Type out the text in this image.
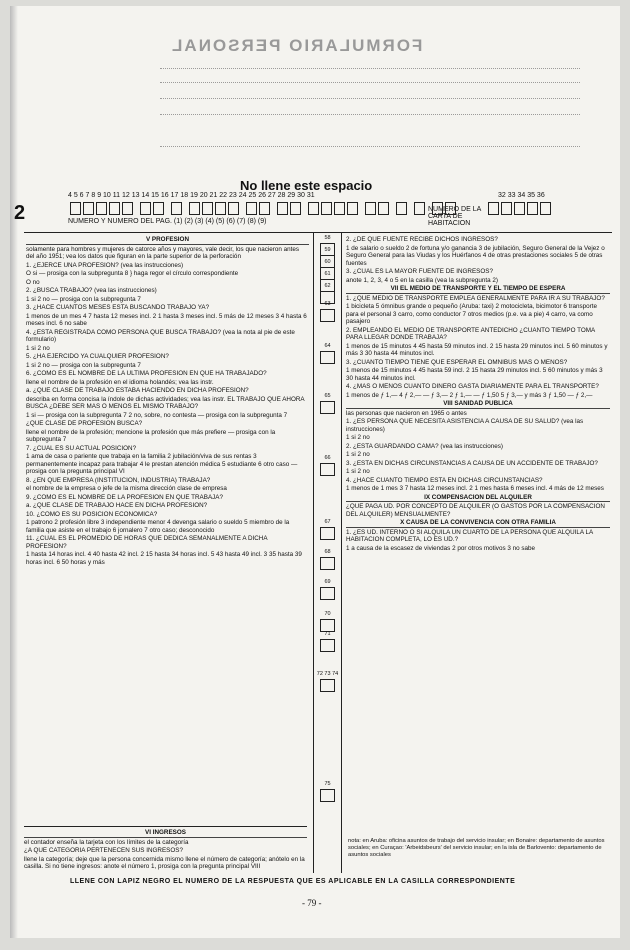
FORMULARIO PERSONAL
2
No llene este espacio
4 5 6 7 8 9 10 11 12 13 14 15 16 17 18 19 20 21 22 23 24 25 26 27 28 29 30 31	32 33 34 35 36
NUMERO Y NUMERO DEL PAG. (1) (2) (3) (4) (5) (6) (7) (8) (9)
NUMERO DE LA CARTA DE HABITACION
V PROFESION
solamente para hombres y mujeres de catorce años y mayores, vale decir, los que nacieron antes del año 1951; vea los datos que figuran en la parte superior de la perforación
1. ¿EJERCE UNA PROFESION? (vea las instrucciones)
O si — prosiga con la subpregunta 8 } haga regor el círculo correspondiente
O no
2. ¿BUSCA TRABAJO? (vea las instrucciones)
1 si 2 no — prosiga con la subpregunta 7
3. ¿HACE CUANTOS MESES ESTA BUSCANDO TRABAJO YA?
1 menos de un mes 4 7 hasta 12 meses incl. 2 1 hasta 3 meses incl. 5 más de 12 meses 3 4 hasta 6 meses incl. 6 no sabe
4. ¿ESTA REGISTRADA COMO PERSONA QUE BUSCA TRABAJO? (vea la nota al pie de este formulario)
1 si 2 no
5. ¿HA EJERCIDO YA CUALQUIER PROFESION?
1 si 2 no — prosiga con la subpregunta 7
6. ¿COMO ES EL NOMBRE DE LA ULTIMA PROFESION EN QUE HA TRABAJADO?
llene el nombre de la profesión en el idioma holandés; vea las instr.
a. ¿QUE CLASE DE TRABAJO ESTABA HACIENDO EN DICHA PROFESION?
describa en forma concisa la índole de dichas actividades; vea las instr. EL TRABAJO QUE AHORA BUSCA ¿DEBE SER MAS O MENOS EL MISMO TRABAJO?
1 si — prosiga con la subpregunta 7 2 no, sobre, no contesta — prosiga con la subpregunta 7
¿QUE CLASE DE PROFESION BUSCA?
llene el nombre de la profesión; mencione la profesión que más prefiere — prosiga con la subpregunta 7
7. ¿CUAL ES SU ACTUAL POSICION?
1 ama de casa o pariente que trabaja en la familia 2 jubilación/viva de sus rentas 3 permanentemente incapaz para trabajar 4 le prestan atención médica 5 estudiante 6 otro caso — prosiga con la pregunta principal VI
8. ¿EN QUE EMPRESA (INSTITUCION, INDUSTRIA) TRABAJA?
el nombre de la empresa o jefe de la misma dirección clase de empresa
9. ¿COMO ES EL NOMBRE DE LA PROFESION EN QUE TRABAJA?
a. ¿QUE CLASE DE TRABAJO HACE EN DICHA PROFESION?
10. ¿COMO ES SU POSICION ECONOMICA?
1 patrono 2 profesión libre 3 independiente menor 4 devenga salario o sueldo 5 miembro de la familia que asiste en el trabajo 6 jornalero 7 otro caso; desconocido
11. ¿CUAL ES EL PROMEDIO DE HORAS QUE DEDICA SEMANALMENTE A DICHA PROFESION?
1 hasta 14 horas incl. 4 40 hasta 42 incl. 2 15 hasta 34 horas incl. 5 43 hasta 49 incl. 3 35 hasta 39 horas incl. 6 50 horas y más
58
59
60
61
62
63
64
65
66
67
68
69
70
71
72 73 74
75
2. ¿DE QUE FUENTE RECIBE DICHOS INGRESOS?
1 de salario o sueldo 2 de fortuna y/o ganancia 3 de jubilación, Seguro General de la Vejez o Seguro General para las Viudas y los Huérfanos 4 de otras prestaciones sociales 5 de otras fuentes
3. ¿CUAL ES LA MAYOR FUENTE DE INGRESOS?
anote 1, 2, 3, 4 o 5 en la casilla (vea la subpregunta 2)
VII EL MEDIO DE TRANSPORTE Y EL TIEMPO DE ESPERA
1. ¿QUE MEDIO DE TRANSPORTE EMPLEA GENERALMENTE PARA IR A SU TRABAJO?
1 bicicleta 5 ómnibus grande o pequeño (Aruba: taxi) 2 motocicleta, bicimotor 6 transporte para el personal 3 carro, como conductor 7 otros medios (p.e. va a pie) 4 carro, va como pasajero
2. EMPLEANDO EL MEDIO DE TRANSPORTE ANTEDICHO ¿CUANTO TIEMPO TOMA PARA LLEGAR DONDE TRABAJA?
1 menos de 15 minutos 4 45 hasta 59 minutos incl. 2 15 hasta 29 minutos incl. 5 60 minutos y más 3 30 hasta 44 minutos incl.
3. ¿CUANTO TIEMPO TIENE QUE ESPERAR EL OMNIBUS MAS O MENOS?
1 menos de 15 minutos 4 45 hasta 59 incl. 2 15 hasta 29 minutos incl. 5 60 minutos y más 3 30 hasta 44 minutos incl.
4. ¿MAS O MENOS CUANTO DINERO GASTA DIARIAMENTE PARA EL TRANSPORTE?
1 menos de ƒ 1,— 4 ƒ 2,— — ƒ 3,— 2 ƒ 1,— — ƒ 1,50 5 ƒ 3,— y más 3 ƒ 1,50 — ƒ 2,—
VIII SANIDAD PUBLICA
las personas que nacieron en 1965 o antes
1. ¿ES PERSONA QUE NECESITA ASISTENCIA A CAUSA DE SU SALUD? (vea las instrucciones)
1 si 2 no
2. ¿ESTA GUARDANDO CAMA? (vea las instrucciones)
1 si 2 no
3. ¿ESTA EN DICHAS CIRCUNSTANCIAS A CAUSA DE UN ACCIDENTE DE TRABAJO?
1 si 2 no
4. ¿HACE CUANTO TIEMPO ESTA EN DICHAS CIRCUNSTANCIAS?
1 menos de 1 mes 3 7 hasta 12 meses incl. 2 1 mes hasta 6 meses incl. 4 más de 12 meses
IX COMPENSACION DEL ALQUILER
¿QUE PAGA UD. POR CONCEPTO DE ALQUILER (O GASTOS POR LA COMPENSACION DEL ALQUILER) MENSUALMENTE?
X CAUSA DE LA CONVIVENCIA CON OTRA FAMILIA
1. ¿ES UD. INTERNO O SI ALQUILA UN CUARTO DE LA PERSONA QUE ALQUILA LA HABITACION COMPLETA, LO ES UD.?
1 a causa de la escasez de viviendas 2 por otros motivos 3 no sabe
VI INGRESOS
el contador enseña la tarjeta con los límites de la categoría
¿A QUE CATEGORIA PERTENECEN SUS INGRESOS?
llene la categoría; deje que la persona concernida mismo llene el número de categoría; anótelo en la casilla. Si no tiene ingresos: anote el número 1, prosiga con la pregunta principal VIII
nota: en Aruba: oficina asuntos de trabajo del servicio insular; en Bonaire: departamento de asuntos sociales; en Curaçao: 'Arbeidsbeurs' del servicio insular; en la isla de Barlovento: departamento de asuntos sociales
LLENE CON LAPIZ NEGRO EL NUMERO DE LA RESPUESTA QUE ES APLICABLE EN LA CASILLA CORRESPONDIENTE
- 79 -
